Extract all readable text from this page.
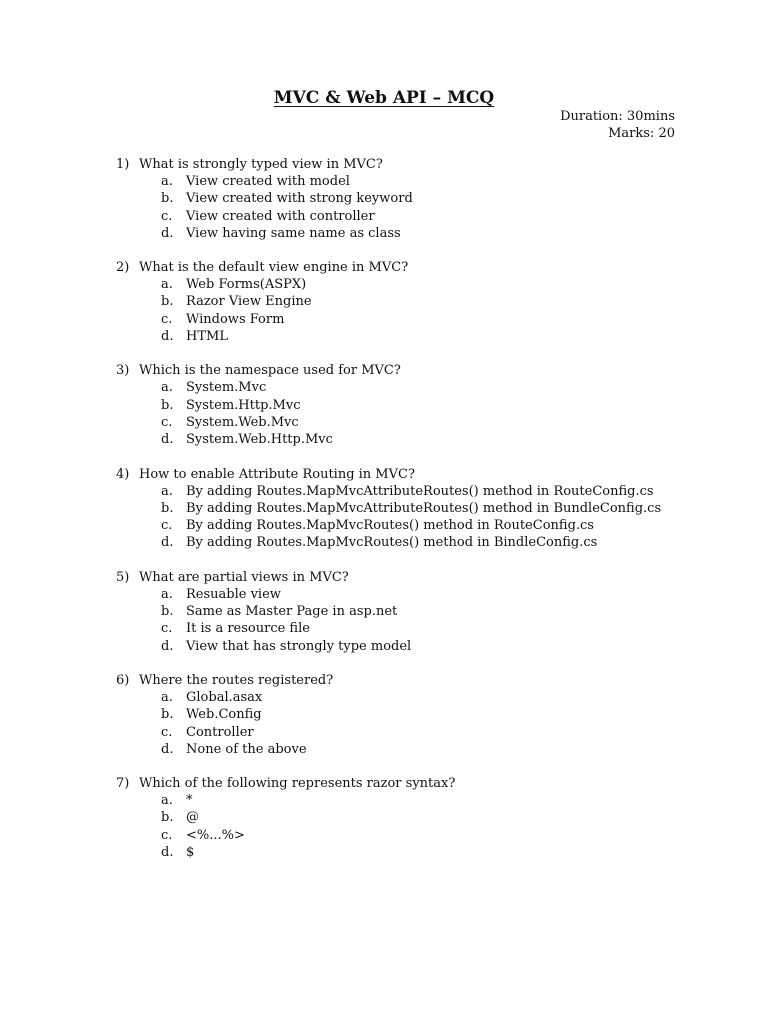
MVC & Web API – MCQ
Duration: 30mins
Marks: 20
1) What is strongly typed view in MVC?
a. View created with model
b. View created with strong keyword
c. View created with controller
d. View having same name as class
2) What is the default view engine in MVC?
a. Web Forms(ASPX)
b. Razor View Engine
c. Windows Form
d. HTML
3) Which is the namespace used for MVC?
a. System.Mvc
b. System.Http.Mvc
c. System.Web.Mvc
d. System.Web.Http.Mvc
4) How to enable Attribute Routing in MVC?
a. By adding Routes.MapMvcAttributeRoutes() method in RouteConfig.cs
b. By adding Routes.MapMvcAttributeRoutes() method in BundleConfig.cs
c. By adding Routes.MapMvcRoutes() method in RouteConfig.cs
d. By adding Routes.MapMvcRoutes() method in BindleConfig.cs
5) What are partial views in MVC?
a. Resuable view
b. Same as Master Page in asp.net
c. It is a resource file
d. View that has strongly type model
6) Where the routes registered?
a. Global.asax
b. Web.Config
c. Controller
d. None of the above
7) Which of the following represents razor syntax?
a. *
b. @
c. <%...%>
d. $
